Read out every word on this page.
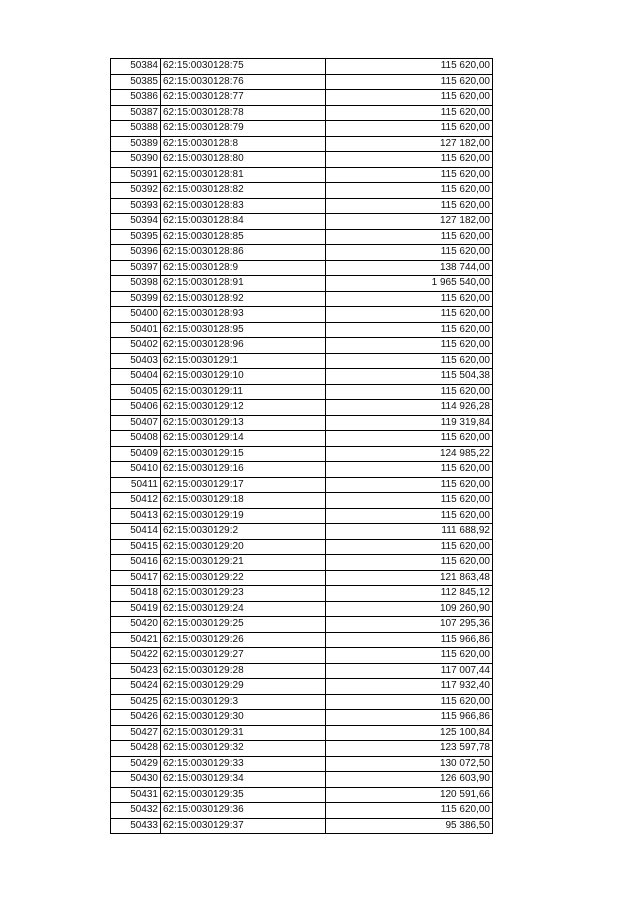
50384	62:15:0030128:75	115 620,00
50385	62:15:0030128:76	115 620,00
50386	62:15:0030128:77	115 620,00
50387	62:15:0030128:78	115 620,00
50388	62:15:0030128:79	115 620,00
50389	62:15:0030128:8	127 182,00
50390	62:15:0030128:80	115 620,00
50391	62:15:0030128:81	115 620,00
50392	62:15:0030128:82	115 620,00
50393	62:15:0030128:83	115 620,00
50394	62:15:0030128:84	127 182,00
50395	62:15:0030128:85	115 620,00
50396	62:15:0030128:86	115 620,00
50397	62:15:0030128:9	138 744,00
50398	62:15:0030128:91	1 965 540,00
50399	62:15:0030128:92	115 620,00
50400	62:15:0030128:93	115 620,00
50401	62:15:0030128:95	115 620,00
50402	62:15:0030128:96	115 620,00
50403	62:15:0030129:1	115 620,00
50404	62:15:0030129:10	115 504,38
50405	62:15:0030129:11	115 620,00
50406	62:15:0030129:12	114 926,28
50407	62:15:0030129:13	119 319,84
50408	62:15:0030129:14	115 620,00
50409	62:15:0030129:15	124 985,22
50410	62:15:0030129:16	115 620,00
50411	62:15:0030129:17	115 620,00
50412	62:15:0030129:18	115 620,00
50413	62:15:0030129:19	115 620,00
50414	62:15:0030129:2	111 688,92
50415	62:15:0030129:20	115 620,00
50416	62:15:0030129:21	115 620,00
50417	62:15:0030129:22	121 863,48
50418	62:15:0030129:23	112 845,12
50419	62:15:0030129:24	109 260,90
50420	62:15:0030129:25	107 295,36
50421	62:15:0030129:26	115 966,86
50422	62:15:0030129:27	115 620,00
50423	62:15:0030129:28	117 007,44
50424	62:15:0030129:29	117 932,40
50425	62:15:0030129:3	115 620,00
50426	62:15:0030129:30	115 966,86
50427	62:15:0030129:31	125 100,84
50428	62:15:0030129:32	123 597,78
50429	62:15:0030129:33	130 072,50
50430	62:15:0030129:34	126 603,90
50431	62:15:0030129:35	120 591,66
50432	62:15:0030129:36	115 620,00
50433	62:15:0030129:37	95 386,50
